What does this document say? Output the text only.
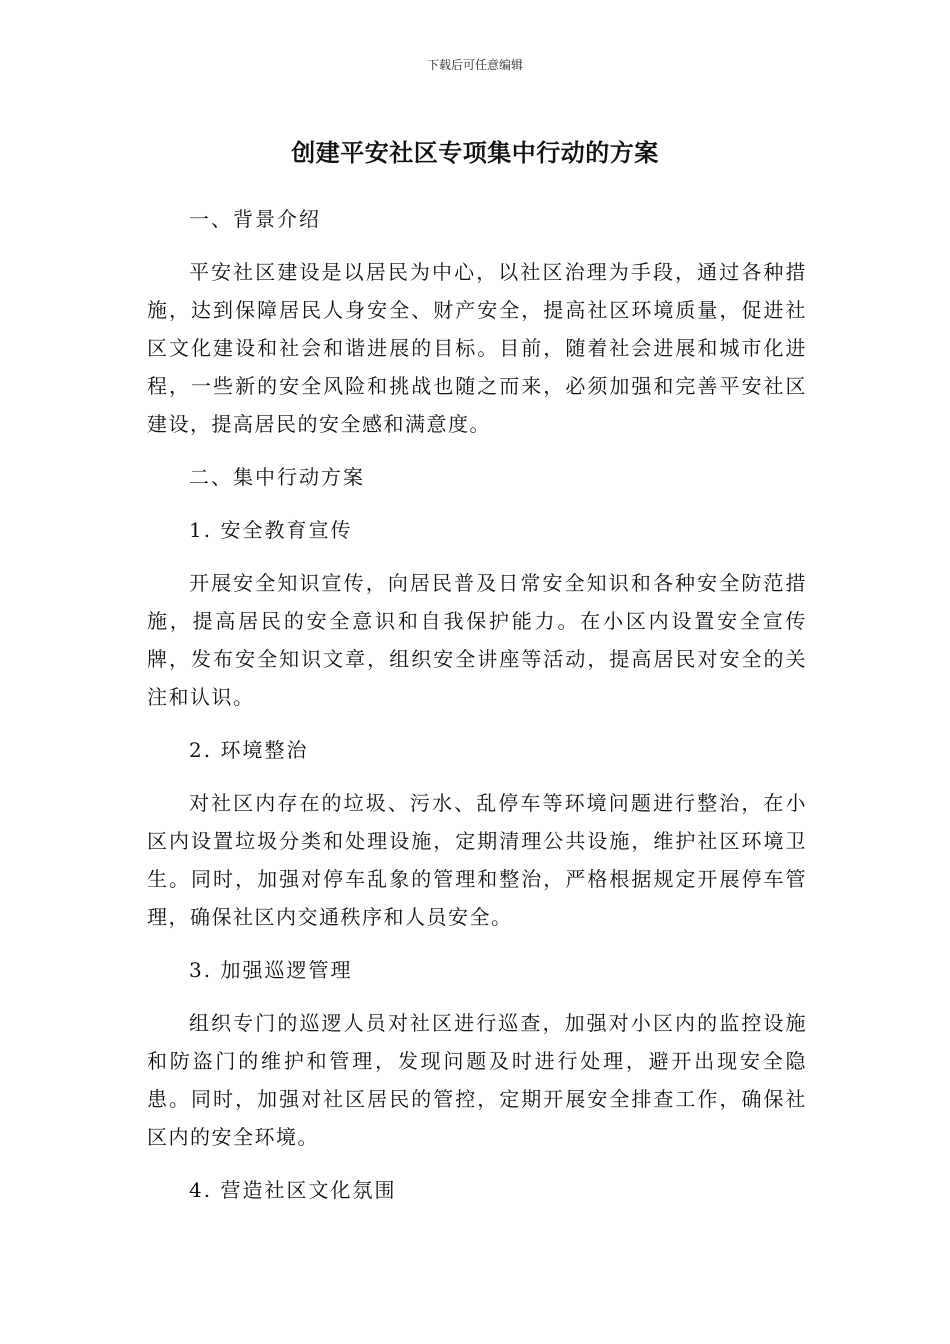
下载后可任意编辑
创建平安社区专项集中行动的方案
一、背景介绍
平安社区建设是以居民为中心，以社区治理为手段，通过各种措施，达到保障居民人身安全、财产安全，提高社区环境质量，促进社区文化建设和社会和谐进展的目标。目前，随着社会进展和城市化进程，一些新的安全风险和挑战也随之而来，必须加强和完善平安社区建设，提高居民的安全感和满意度。
二、集中行动方案
1. 安全教育宣传
开展安全知识宣传，向居民普及日常安全知识和各种安全防范措施，提高居民的安全意识和自我保护能力。在小区内设置安全宣传牌，发布安全知识文章，组织安全讲座等活动，提高居民对安全的关注和认识。
2. 环境整治
对社区内存在的垃圾、污水、乱停车等环境问题进行整治，在小区内设置垃圾分类和处理设施，定期清理公共设施，维护社区环境卫生。同时，加强对停车乱象的管理和整治，严格根据规定开展停车管理，确保社区内交通秩序和人员安全。
3. 加强巡逻管理
组织专门的巡逻人员对社区进行巡查，加强对小区内的监控设施和防盗门的维护和管理，发现问题及时进行处理，避开出现安全隐患。同时，加强对社区居民的管控，定期开展安全排查工作，确保社区内的安全环境。
4. 营造社区文化氛围
